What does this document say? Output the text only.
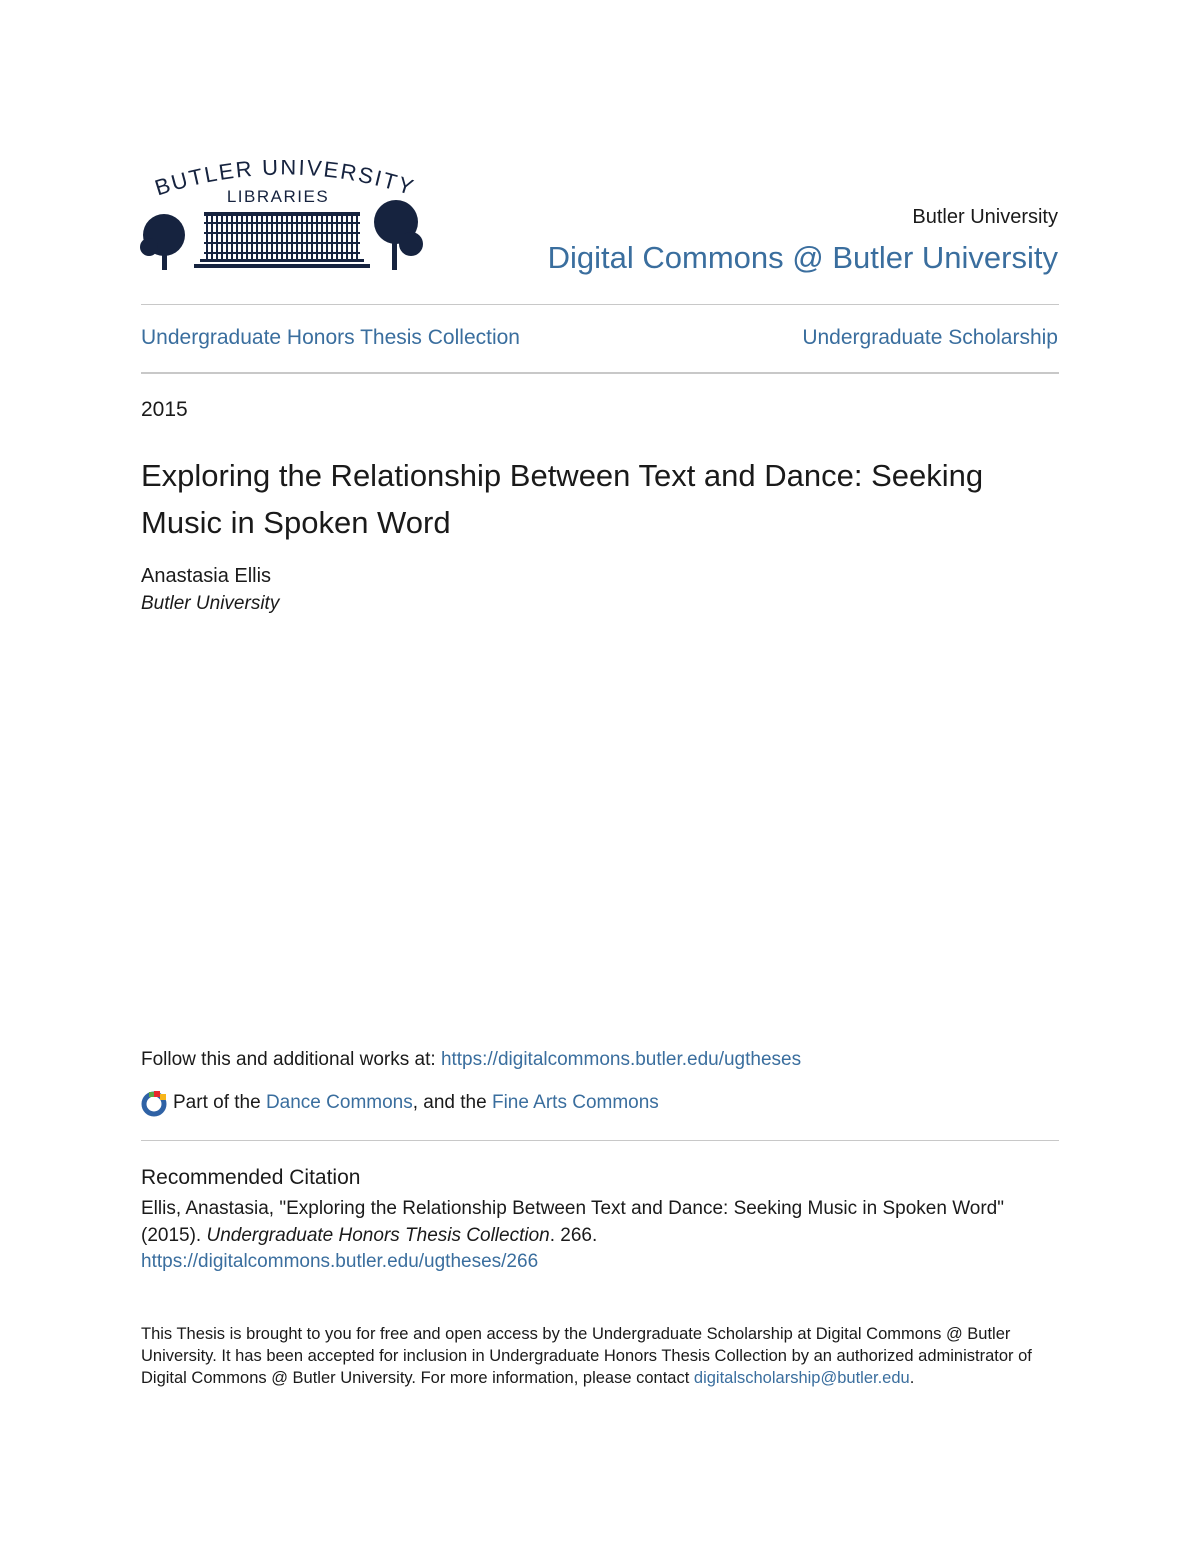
BUTLER UNIVERSITY
LIBRARIES
Butler University
Digital Commons @ Butler University
Undergraduate Honors Thesis Collection	Undergraduate Scholarship
2015
Exploring the Relationship Between Text and Dance: Seeking Music in Spoken Word
Anastasia Ellis
Butler University
Follow this and additional works at: https://digitalcommons.butler.edu/ugtheses
Part of the Dance Commons , and the Fine Arts Commons
Recommended Citation
Ellis, Anastasia, "Exploring the Relationship Between Text and Dance: Seeking Music in Spoken Word" (2015). Undergraduate Honors Thesis Collection. 266.
https://digitalcommons.butler.edu/ugtheses/266
This Thesis is brought to you for free and open access by the Undergraduate Scholarship at Digital Commons @ Butler University. It has been accepted for inclusion in Undergraduate Honors Thesis Collection by an authorized administrator of Digital Commons @ Butler University. For more information, please contact digitalscholarship@butler.edu.
